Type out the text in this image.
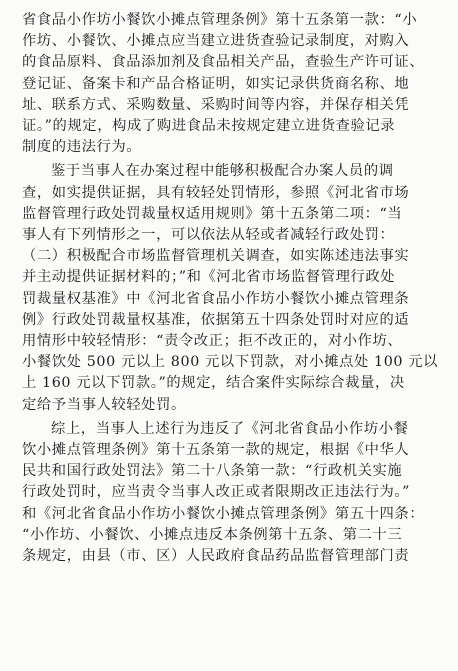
省食品小作坊小餐饮小摊点管理条例》第十五条第一款：“小
作坊、小餐饮、小摊点应当建立进货查验记录制度，对购入
的食品原料、食品添加剂及食品相关产品，查验生产许可证、
登记证、备案卡和产品合格证明，如实记录供货商名称、地
址、联系方式、采购数量、采购时间等内容，并保存相关凭
证。”的规定，构成了购进食品未按规定建立进货查验记录
制度的违法行为。
鉴于当事人在办案过程中能够积极配合办案人员的调
查，如实提供证据，具有较轻处罚情形，参照《河北省市场
监督管理行政处罚裁量权适用规则》第十五条第二项：“当
事人有下列情形之一，可以依法从轻或者减轻行政处罚：
（二）积极配合市场监督管理机关调查，如实陈述违法事实
并主动提供证据材料的；”和《河北省市场监督管理行政处
罚裁量权基准》中《河北省食品小作坊小餐饮小摊点管理条
例》行政处罚裁量权基准，依据第五十四条处罚时对应的适
用情形中较轻情形：“责令改正；拒不改正的，对小作坊、
小餐饮处 500 元以上 800 元以下罚款，对小摊点处 100 元以
上 160 元以下罚款。”的规定，结合案件实际综合裁量，决
定给予当事人较轻处罚。
综上，当事人上述行为违反了《河北省食品小作坊小餐
饮小摊点管理条例》第十五条第一款的规定，根据《中华人
民共和国行政处罚法》第二十八条第一款：“行政机关实施
行政处罚时，应当责令当事人改正或者限期改正违法行为。”
和《河北省食品小作坊小餐饮小摊点管理条例》第五十四条：
“小作坊、小餐饮、小摊点违反本条例第十五条、第二十三
条规定，由县（市、区）人民政府食品药品监督管理部门责
